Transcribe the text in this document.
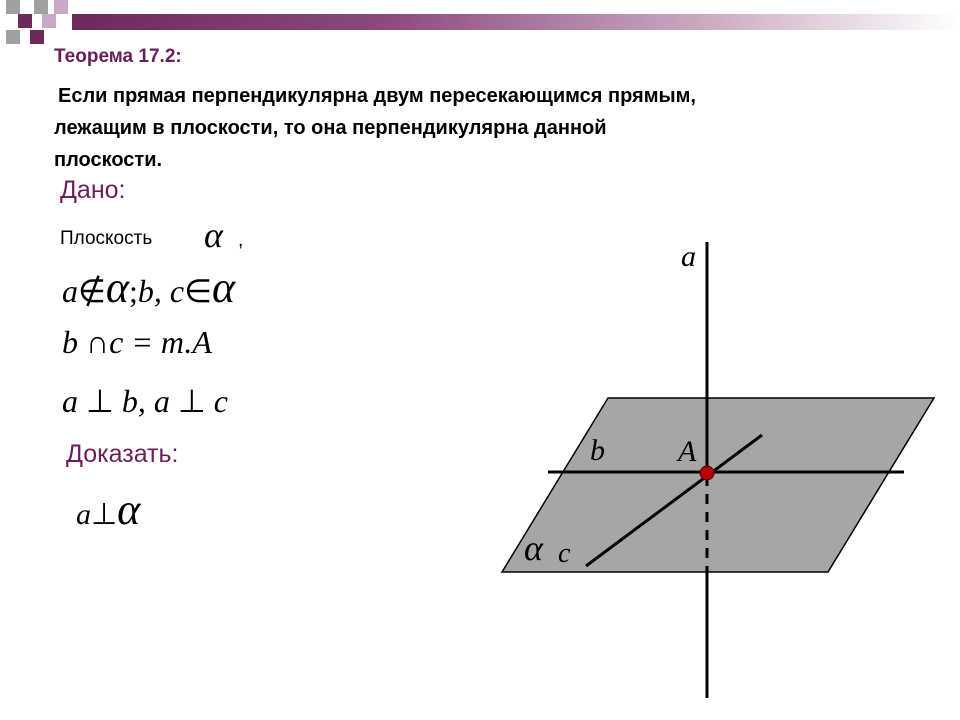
Теорема 17.2:
Если прямая перпендикулярна двум пересекающимся прямым,
лежащим в плоскости, то она перпендикулярна данной
плоскости.
Дано:
Плоскость α ,
a∉α;b, c∈α
b ∩c = т.A
a ⊥ b, a ⊥ c
Доказать:
a⊥α
a
b A
α c
